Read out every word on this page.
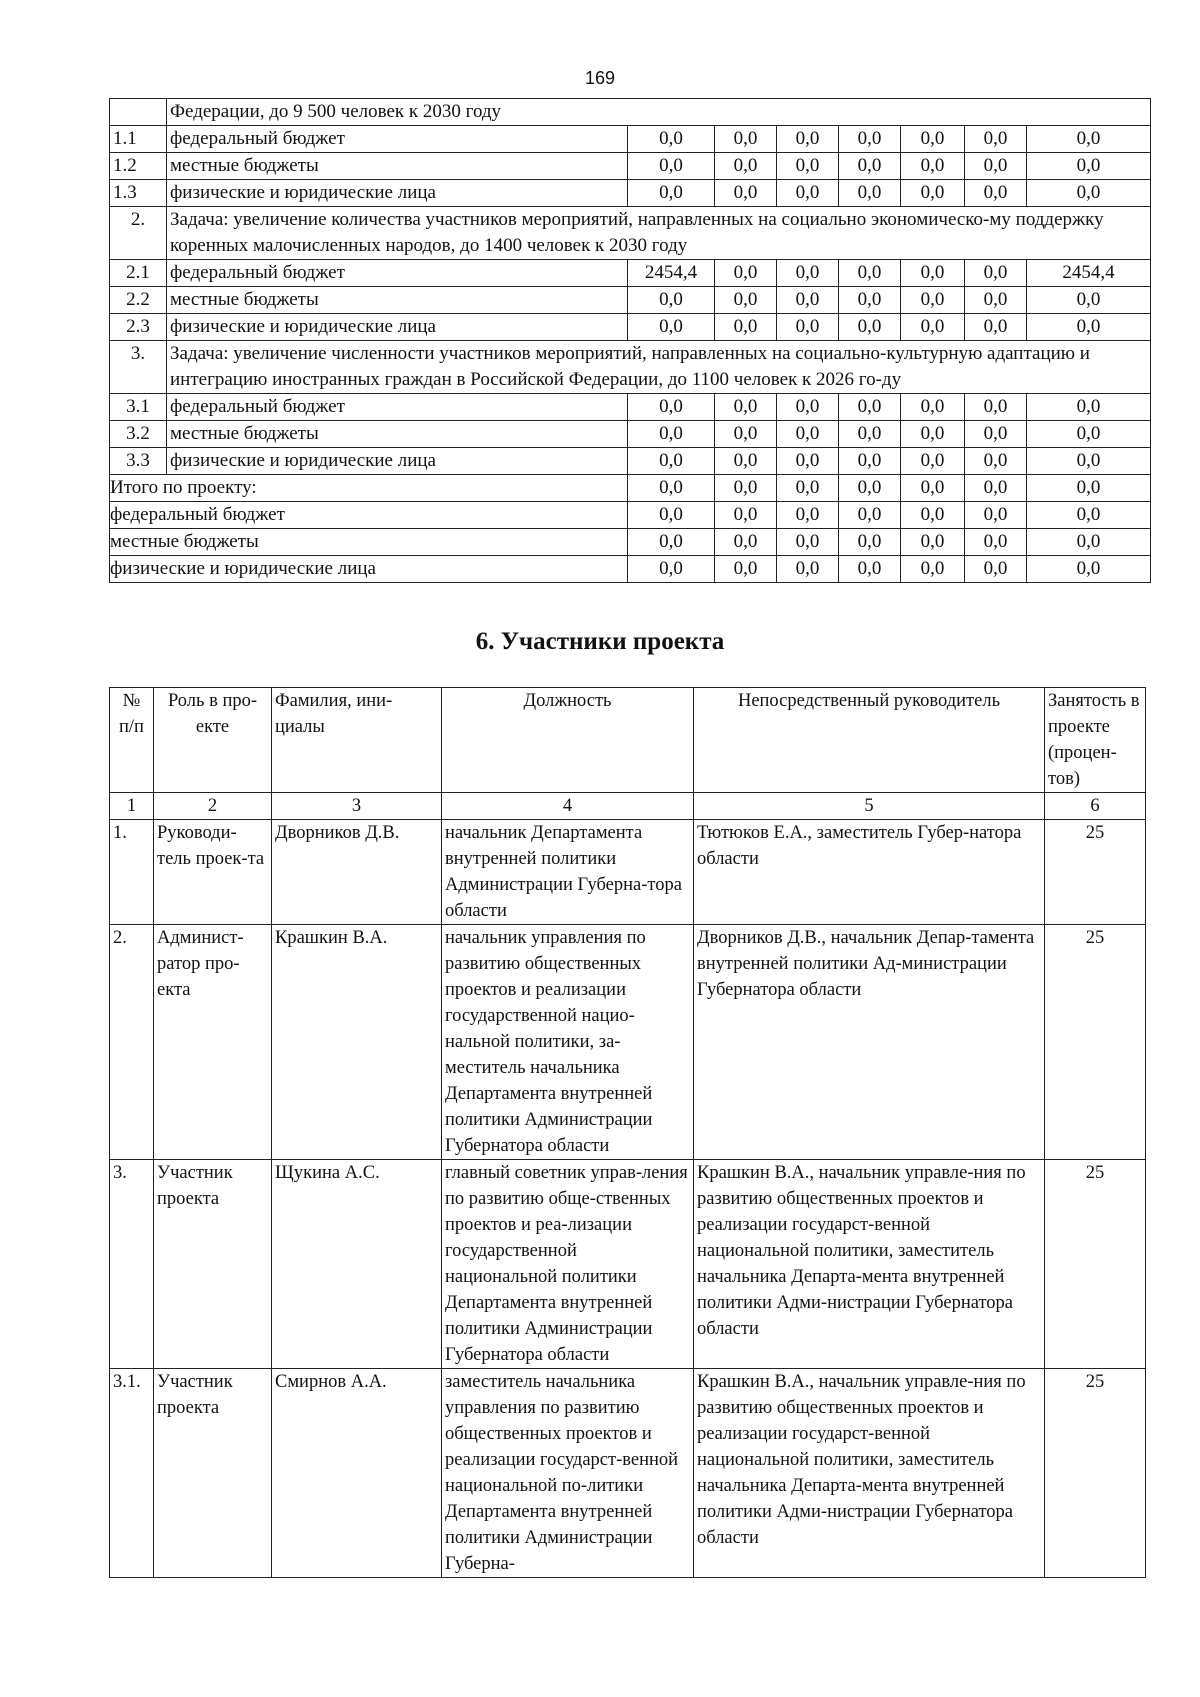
169
	Федерации, до 9 500 человек к 2030 году							
1.1	федеральный бюджет	0,0	0,0	0,0	0,0	0,0	0,0	0,0
1.2	местные бюджеты	0,0	0,0	0,0	0,0	0,0	0,0	0,0
1.3	физические и юридические лица	0,0	0,0	0,0	0,0	0,0	0,0	0,0
2.	Задача: увеличение количества участников мероприятий, направленных на социально экономическо-му поддержку коренных малочисленных народов, до 1400 человек к 2030 году							
2.1	федеральный бюджет	2454,4	0,0	0,0	0,0	0,0	0,0	2454,4
2.2	местные бюджеты	0,0	0,0	0,0	0,0	0,0	0,0	0,0
2.3	физические и юридические лица	0,0	0,0	0,0	0,0	0,0	0,0	0,0
3.	Задача: увеличение численности участников мероприятий, направленных на социально-культурную адаптацию и интеграцию иностранных граждан в Российской Федерации, до 1100 человек к 2026 го-ду							
3.1	федеральный бюджет	0,0	0,0	0,0	0,0	0,0	0,0	0,0
3.2	местные бюджеты	0,0	0,0	0,0	0,0	0,0	0,0	0,0
3.3	физические и юридические лица	0,0	0,0	0,0	0,0	0,0	0,0	0,0
Итого по проекту:		0,0	0,0	0,0	0,0	0,0	0,0	0,0
федеральный бюджет		0,0	0,0	0,0	0,0	0,0	0,0	0,0
местные бюджеты		0,0	0,0	0,0	0,0	0,0	0,0	0,0
физические и юридические лица		0,0	0,0	0,0	0,0	0,0	0,0	0,0
6. Участники проекта
№ п/п	Роль в про-екте	Фамилия, ини-циалы	Должность	Непосредственный руководитель	Занятость в проекте (процен-тов)
1	2	3	4	5	6
1.	Руководи-тель проек-та	Дворников Д.В.	начальник Департамента внутренней политики Администрации Губерна-тора области	Тютюков Е.А., заместитель Губер-натора области	25
2.	Админист-ратор про-екта	Крашкин В.А.	начальник управления по развитию общественных проектов и реализации государственной нацио-нальной политики, за-меститель начальника Департамента внутренней политики Администрации Губернатора области	Дворников Д.В., начальник Депар-тамента внутренней политики Ад-министрации Губернатора области	25
3.	Участник проекта	Щукина А.С.	главный советник управ-ления по развитию обще-ственных проектов и реа-лизации государственной национальной политики Департамента внутренней политики Администрации Губернатора области	Крашкин В.А., начальник управле-ния по развитию общественных проектов и реализации государст-венной национальной политики, заместитель начальника Департа-мента внутренней политики Адми-нистрации Губернатора области	25
3.1.	Участник проекта	Смирнов А.А.	заместитель начальника управления по развитию общественных проектов и реализации государст-венной национальной по-литики Департамента внутренней политики Администрации Губерна-	Крашкин В.А., начальник управле-ния по развитию общественных проектов и реализации государст-венной национальной политики, заместитель начальника Департа-мента внутренней политики Адми-нистрации Губернатора области	25
